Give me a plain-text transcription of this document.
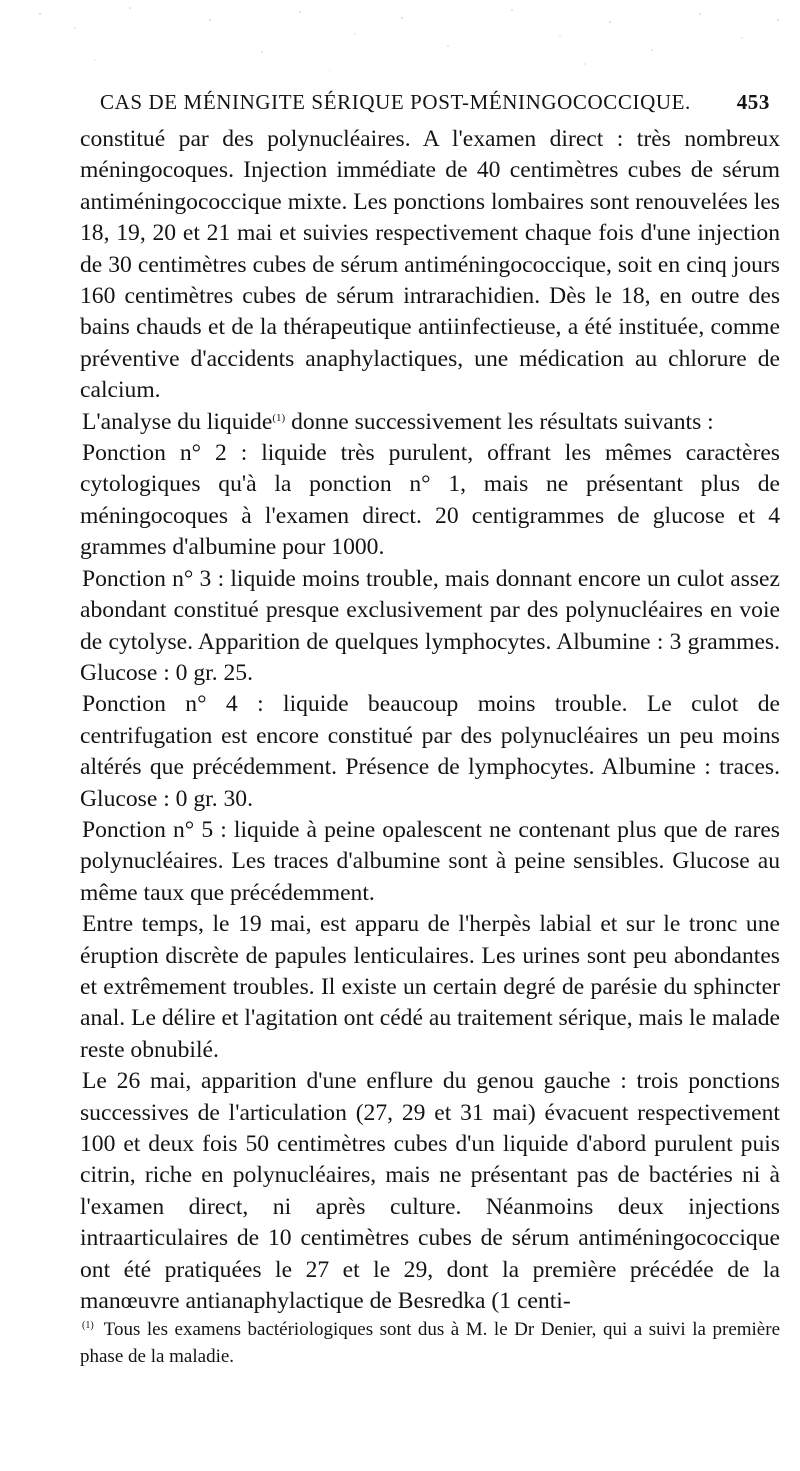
CAS DE MÉNINGITE SÉRIQUE POST-MÉNINGOCOCCIQUE. 453

constitué par des polynucléaires. A l'examen direct : très nombreux méningocoques. Injection immédiate de 40 centimètres cubes de sérum antiméningococcique mixte. Les ponctions lombaires sont renouvelées les 18, 19, 20 et 21 mai et suivies respectivement chaque fois d'une injection de 30 centimètres cubes de sérum antiméningococcique, soit en cinq jours 160 centimètres cubes de sérum intrarachidien. Dès le 18, en outre des bains chauds et de la thérapeutique antiinfectieuse, a été instituée, comme préventive d'accidents anaphylactiques, une médication au chlorure de calcium.

L'analyse du liquide$^{(1)}$ donne successivement les résultats suivants :

Ponction n° 2 : liquide très purulent, offrant les mêmes caractères cytologiques qu'à la ponction n° 1, mais ne présentant plus de méningocoques à l'examen direct. 20 centigrammes de glucose et 4 grammes d'albumine pour 1000.

Ponction n° 3 : liquide moins trouble, mais donnant encore un culot assez abondant constitué presque exclusivement par des polynucléaires en voie de cytolyse. Apparition de quelques lymphocytes. Albumine : 3 grammes. Glucose : 0 gr. 25.

Ponction n° 4 : liquide beaucoup moins trouble. Le culot de centrifugation est encore constitué par des polynucléaires un peu moins altérés que précédemment. Présence de lymphocytes. Albumine : traces. Glucose : 0 gr. 30.

Ponction n° 5 : liquide à peine opalescent ne contenant plus que de rares polynucléaires. Les traces d'albumine sont à peine sensibles. Glucose au même taux que précédemment.

Entre temps, le 19 mai, est apparu de l'herpès labial et sur le tronc une éruption discrète de papules lenticulaires. Les urines sont peu abondantes et extrêmement troubles. Il existe un certain degré de parésie du sphincter anal. Le délire et l'agitation ont cédé au traitement sérique, mais le malade reste obnubilé.

Le 26 mai, apparition d'une enflure du genou gauche : trois ponctions successives de l'articulation (27, 29 et 31 mai) évacuent respectivement 100 et deux fois 50 centimètres cubes d'un liquide d'abord purulent puis citrin, riche en polynucléaires, mais ne présentant pas de bactéries ni à l'examen direct, ni après culture. Néanmoins deux injections intraarticulaires de 10 centimètres cubes de sérum antiméningococcique ont été pratiquées le 27 et le 29, dont la première précédée de la manœuvre antianaphylactique de Besredka (1 centi-

$^{(1)}$ Tous les examens bactériologiques sont dus à M. le Dr Denier, qui a suivi la première phase de la maladie.
